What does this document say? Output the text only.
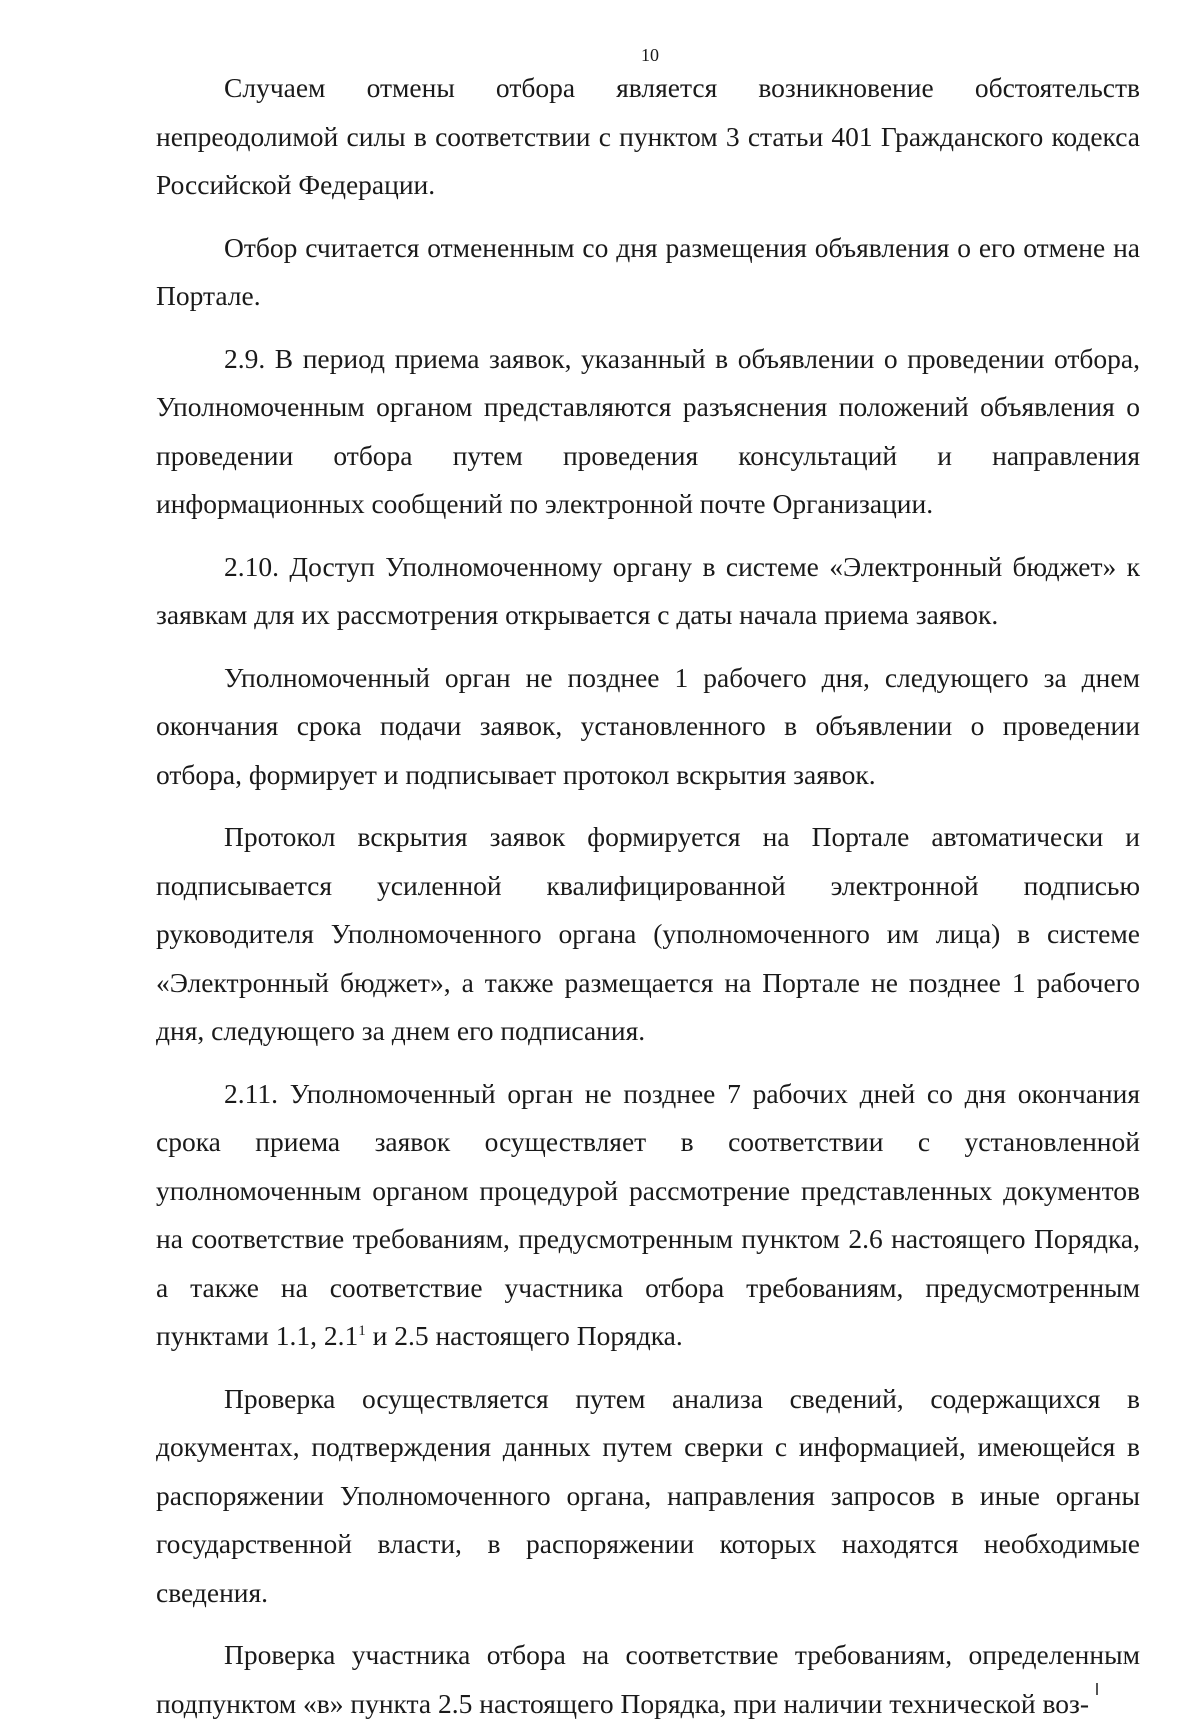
10

Случаем отмены отбора является возникновение обстоятельств непреодолимой силы в соответствии с пунктом 3 статьи 401 Гражданского кодекса Российской Федерации.

Отбор считается отмененным со дня размещения объявления о его отмене на Портале.

2.9. В период приема заявок, указанный в объявлении о проведении отбора, Уполномоченным органом представляются разъяснения положений объявления о проведении отбора путем проведения консультаций и направления информационных сообщений по электронной почте Организации.

2.10. Доступ Уполномоченному органу в системе «Электронный бюджет» к заявкам для их рассмотрения открывается с даты начала приема заявок.

Уполномоченный орган не позднее 1 рабочего дня, следующего за днем окончания срока подачи заявок, установленного в объявлении о проведении отбора, формирует и подписывает протокол вскрытия заявок.

Протокол вскрытия заявок формируется на Портале автоматически и подписывается усиленной квалифицированной электронной подписью руководителя Уполномоченного органа (уполномоченного им лица) в системе «Электронный бюджет», а также размещается на Портале не позднее 1 рабочего дня, следующего за днем его подписания.

2.11. Уполномоченный орган не позднее 7 рабочих дней со дня окончания срока приема заявок осуществляет в соответствии с установленной уполномоченным органом процедурой рассмотрение представленных документов на соответствие требованиям, предусмотренным пунктом 2.6 настоящего Порядка, а также на соответствие участника отбора требованиям, предусмотренным пунктами 1.1, $2.1^1$ и 2.5 настоящего Порядка.

Проверка осуществляется путем анализа сведений, содержащихся в документах, подтверждения данных путем сверки с информацией, имеющейся в распоряжении Уполномоченного органа, направления запросов в иные органы государственной власти, в распоряжении которых находятся необходимые сведения.

Проверка участника отбора на соответствие требованиям, определенным подпунктом «в» пункта 2.5 настоящего Порядка, при наличии технической воз-
